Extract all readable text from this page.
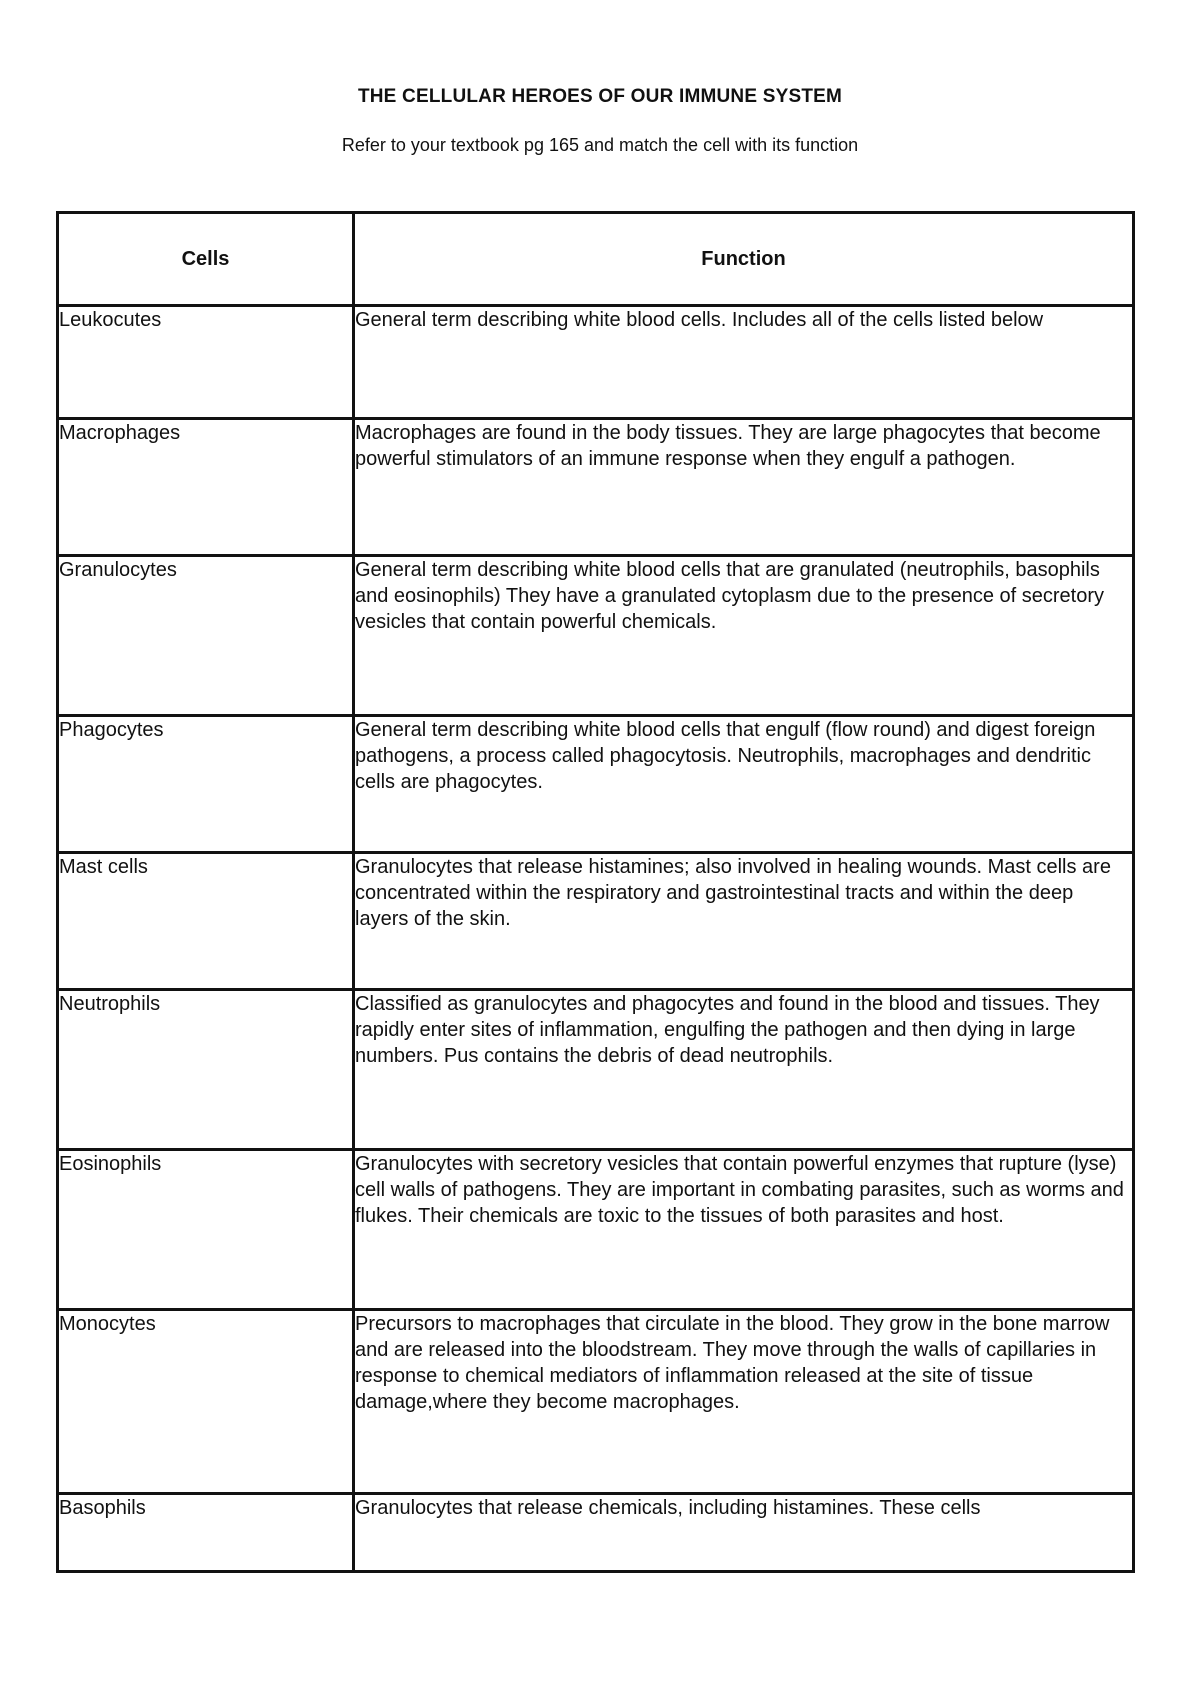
THE CELLULAR HEROES OF OUR IMMUNE SYSTEM

Refer to your textbook pg 165 and match the cell with its function

Cells	Function
Leukocutes	General term describing white blood cells. Includes all of the cells listed below
Macrophages	Macrophages are found in the body tissues. They are large phagocytes that become powerful stimulators of an immune response when they engulf a pathogen.
Granulocytes	General term describing white blood cells that are granulated (neutrophils, basophils and eosinophils) They have a granulated cytoplasm due to the presence of secretory vesicles that contain powerful chemicals.
Phagocytes	General term describing white blood cells that engulf (flow round) and digest foreign pathogens, a process called phagocytosis. Neutrophils, macrophages and dendritic cells are phagocytes.
Mast cells	Granulocytes that release histamines; also involved in healing wounds. Mast cells are concentrated within the respiratory and gastrointestinal tracts and within the deep layers of the skin.
Neutrophils	Classified as granulocytes and phagocytes and found in the blood and tissues. They rapidly enter sites of inflammation, engulfing the pathogen and then dying in large numbers. Pus contains the debris of dead neutrophils.
Eosinophils	Granulocytes with secretory vesicles that contain powerful enzymes that rupture (lyse) cell walls of pathogens. They are important in combating parasites, such as worms and flukes. Their chemicals are toxic to the tissues of both parasites and host.
Monocytes	Precursors to macrophages that circulate in the blood. They grow in the bone marrow and are released into the bloodstream. They move through the walls of capillaries in response to chemical mediators of inflammation released at the site of tissue damage,where they become macrophages.
Basophils	Granulocytes that release chemicals, including histamines. These cells
